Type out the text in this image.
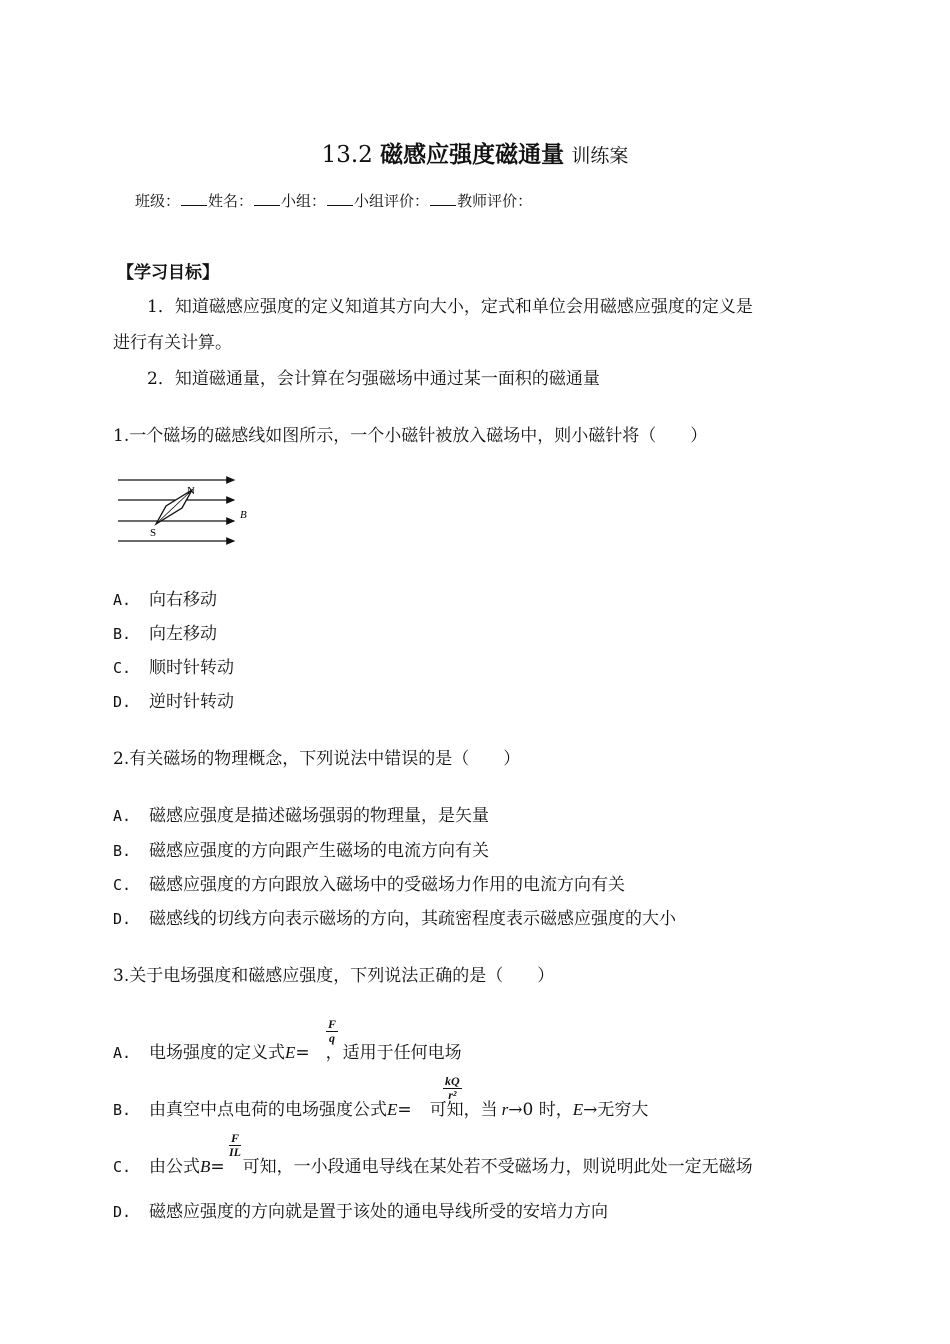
13.2 磁感应强度磁通量 训练案
班级： 姓名： 小组： 小组评价： 教师评价：
【学习目标】
1．知道磁感应强度的定义知道其方向大小，定式和单位会用磁感应强度的定义是
进行有关计算。
2．知道磁通量，会计算在匀强磁场中通过某一面积的磁通量
1.一个磁场的磁感线如图所示，一个小磁针被放入磁场中，则小磁针将（　　）
N
S
B
A. 向右移动
B. 向左移动
C. 顺时针转动
D. 逆时针转动
2.有关磁场的物理概念，下列说法中错误的是（　　）
A. 磁感应强度是描述磁场强弱的物理量，是矢量
B. 磁感应强度的方向跟产生磁场的电流方向有关
C. 磁感应强度的方向跟放入磁场中的受磁场力作用的电流方向有关
D. 磁感线的切线方向表示磁场的方向，其疏密程度表示磁感应强度的大小
3.关于电场强度和磁感应强度，下列说法正确的是（　　）
A. 电场强度的定义式E= ，适用于任何电场
$\frac{F}{q}$
B. 由真空中点电荷的电场强度公式E= 可知，当 r→0 时，E→无穷大
$\frac{kQ}{\text{r²}}$
C. 由公式B= 可知，一小段通电导线在某处若不受磁场力，则说明此处一定无磁场
$\frac{F}{IL}$
D. 磁感应强度的方向就是置于该处的通电导线所受的安培力方向
